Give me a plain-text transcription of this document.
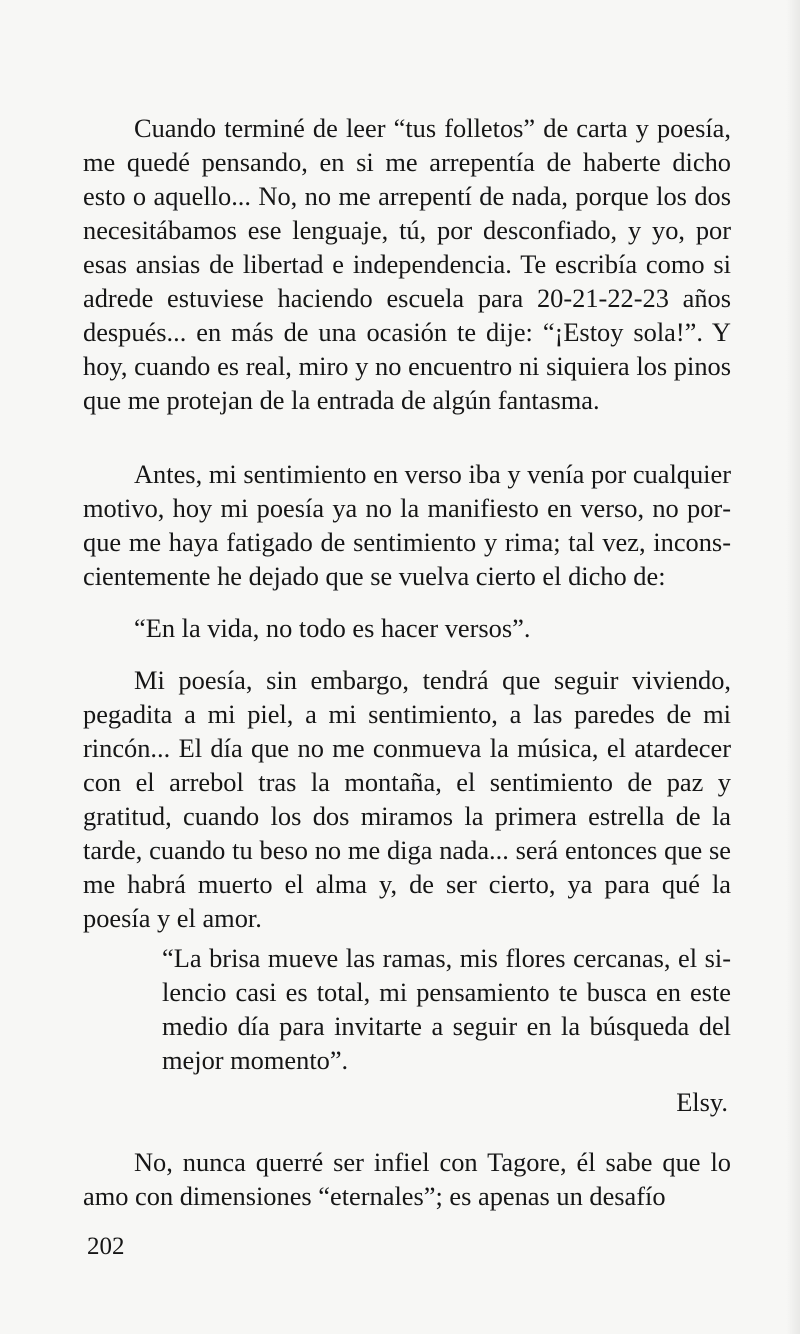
Cuando terminé de leer “tus folletos” de carta y poesía, me quedé pensando, en si me arrepentía de haberte dicho esto o aquello... No, no me arrepentí de nada, porque los dos necesitábamos ese lenguaje, tú, por desconfiado, y yo, por esas ansias de libertad e independencia. Te escribía como si adrede estuviese haciendo escuela para 20-21-22-23 años después... en más de una ocasión te dije: “¡Estoy sola!”. Y hoy, cuando es real, miro y no encuentro ni siquiera los pinos que me protejan de la entrada de algún fantasma.

Antes, mi sentimiento en verso iba y venía por cualquier motivo, hoy mi poesía ya no la manifiesto en verso, no porque me haya fatigado de sentimiento y rima; tal vez, inconscientemente he dejado que se vuelva cierto el dicho de:

“En la vida, no todo es hacer versos”.

Mi poesía, sin embargo, tendrá que seguir viviendo, pegadita a mi piel, a mi sentimiento, a las paredes de mi rincón... El día que no me conmueva la música, el atardecer con el arrebol tras la montaña, el sentimiento de paz y gratitud, cuando los dos miramos la primera estrella de la tarde, cuando tu beso no me diga nada... será entonces que se me habrá muerto el alma y, de ser cierto, ya para qué la poesía y el amor.

“La brisa mueve las ramas, mis flores cercanas, el silencio casi es total, mi pensamiento te busca en este medio día para invitarte a seguir en la búsqueda del mejor momento”.

Elsy.

No, nunca querré ser infiel con Tagore, él sabe que lo amo con dimensiones “eternales”; es apenas un desafío

202
